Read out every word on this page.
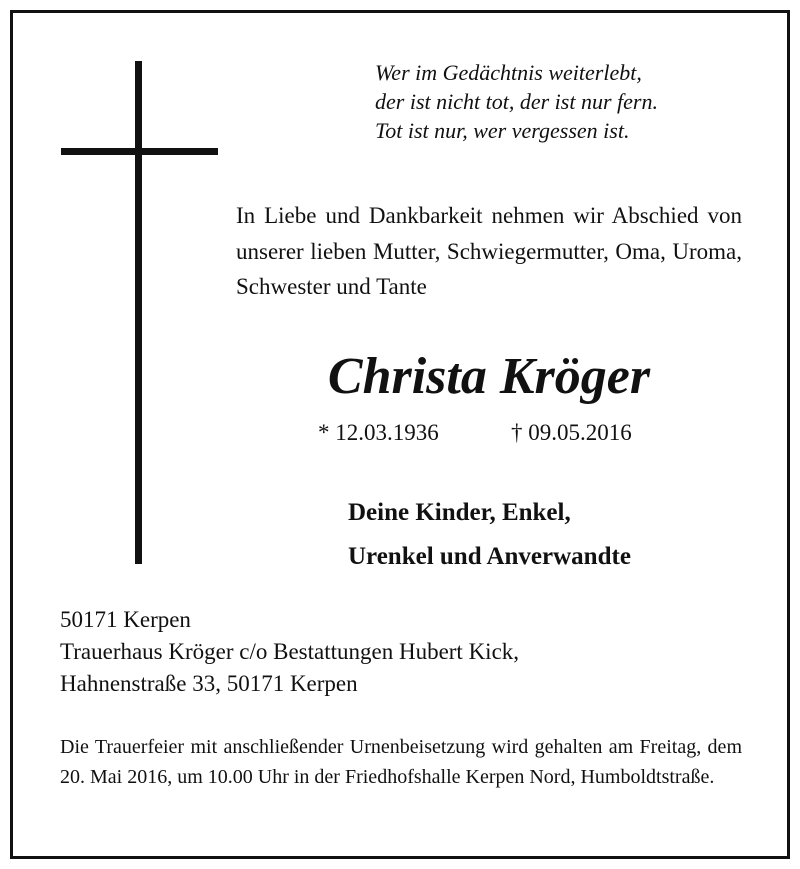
Wer im Gedächtnis weiterlebt,
der ist nicht tot, der ist nur fern.
Tot ist nur, wer vergessen ist.
In Liebe und Dankbarkeit nehmen wir Abschied von unserer lieben Mutter, Schwiegermutter, Oma, Uroma, Schwester und Tante
Christa Kröger
* 12.03.1936	† 09.05.2016
Deine Kinder, Enkel,
Urenkel und Anverwandte
50171 Kerpen
Trauerhaus Kröger c/o Bestattungen Hubert Kick,
Hahnenstraße 33, 50171 Kerpen
Die Trauerfeier mit anschließender Urnenbeisetzung wird gehalten am Freitag, dem 20. Mai 2016, um 10.00 Uhr in der Friedhofshalle Kerpen Nord, Humboldtstraße.
